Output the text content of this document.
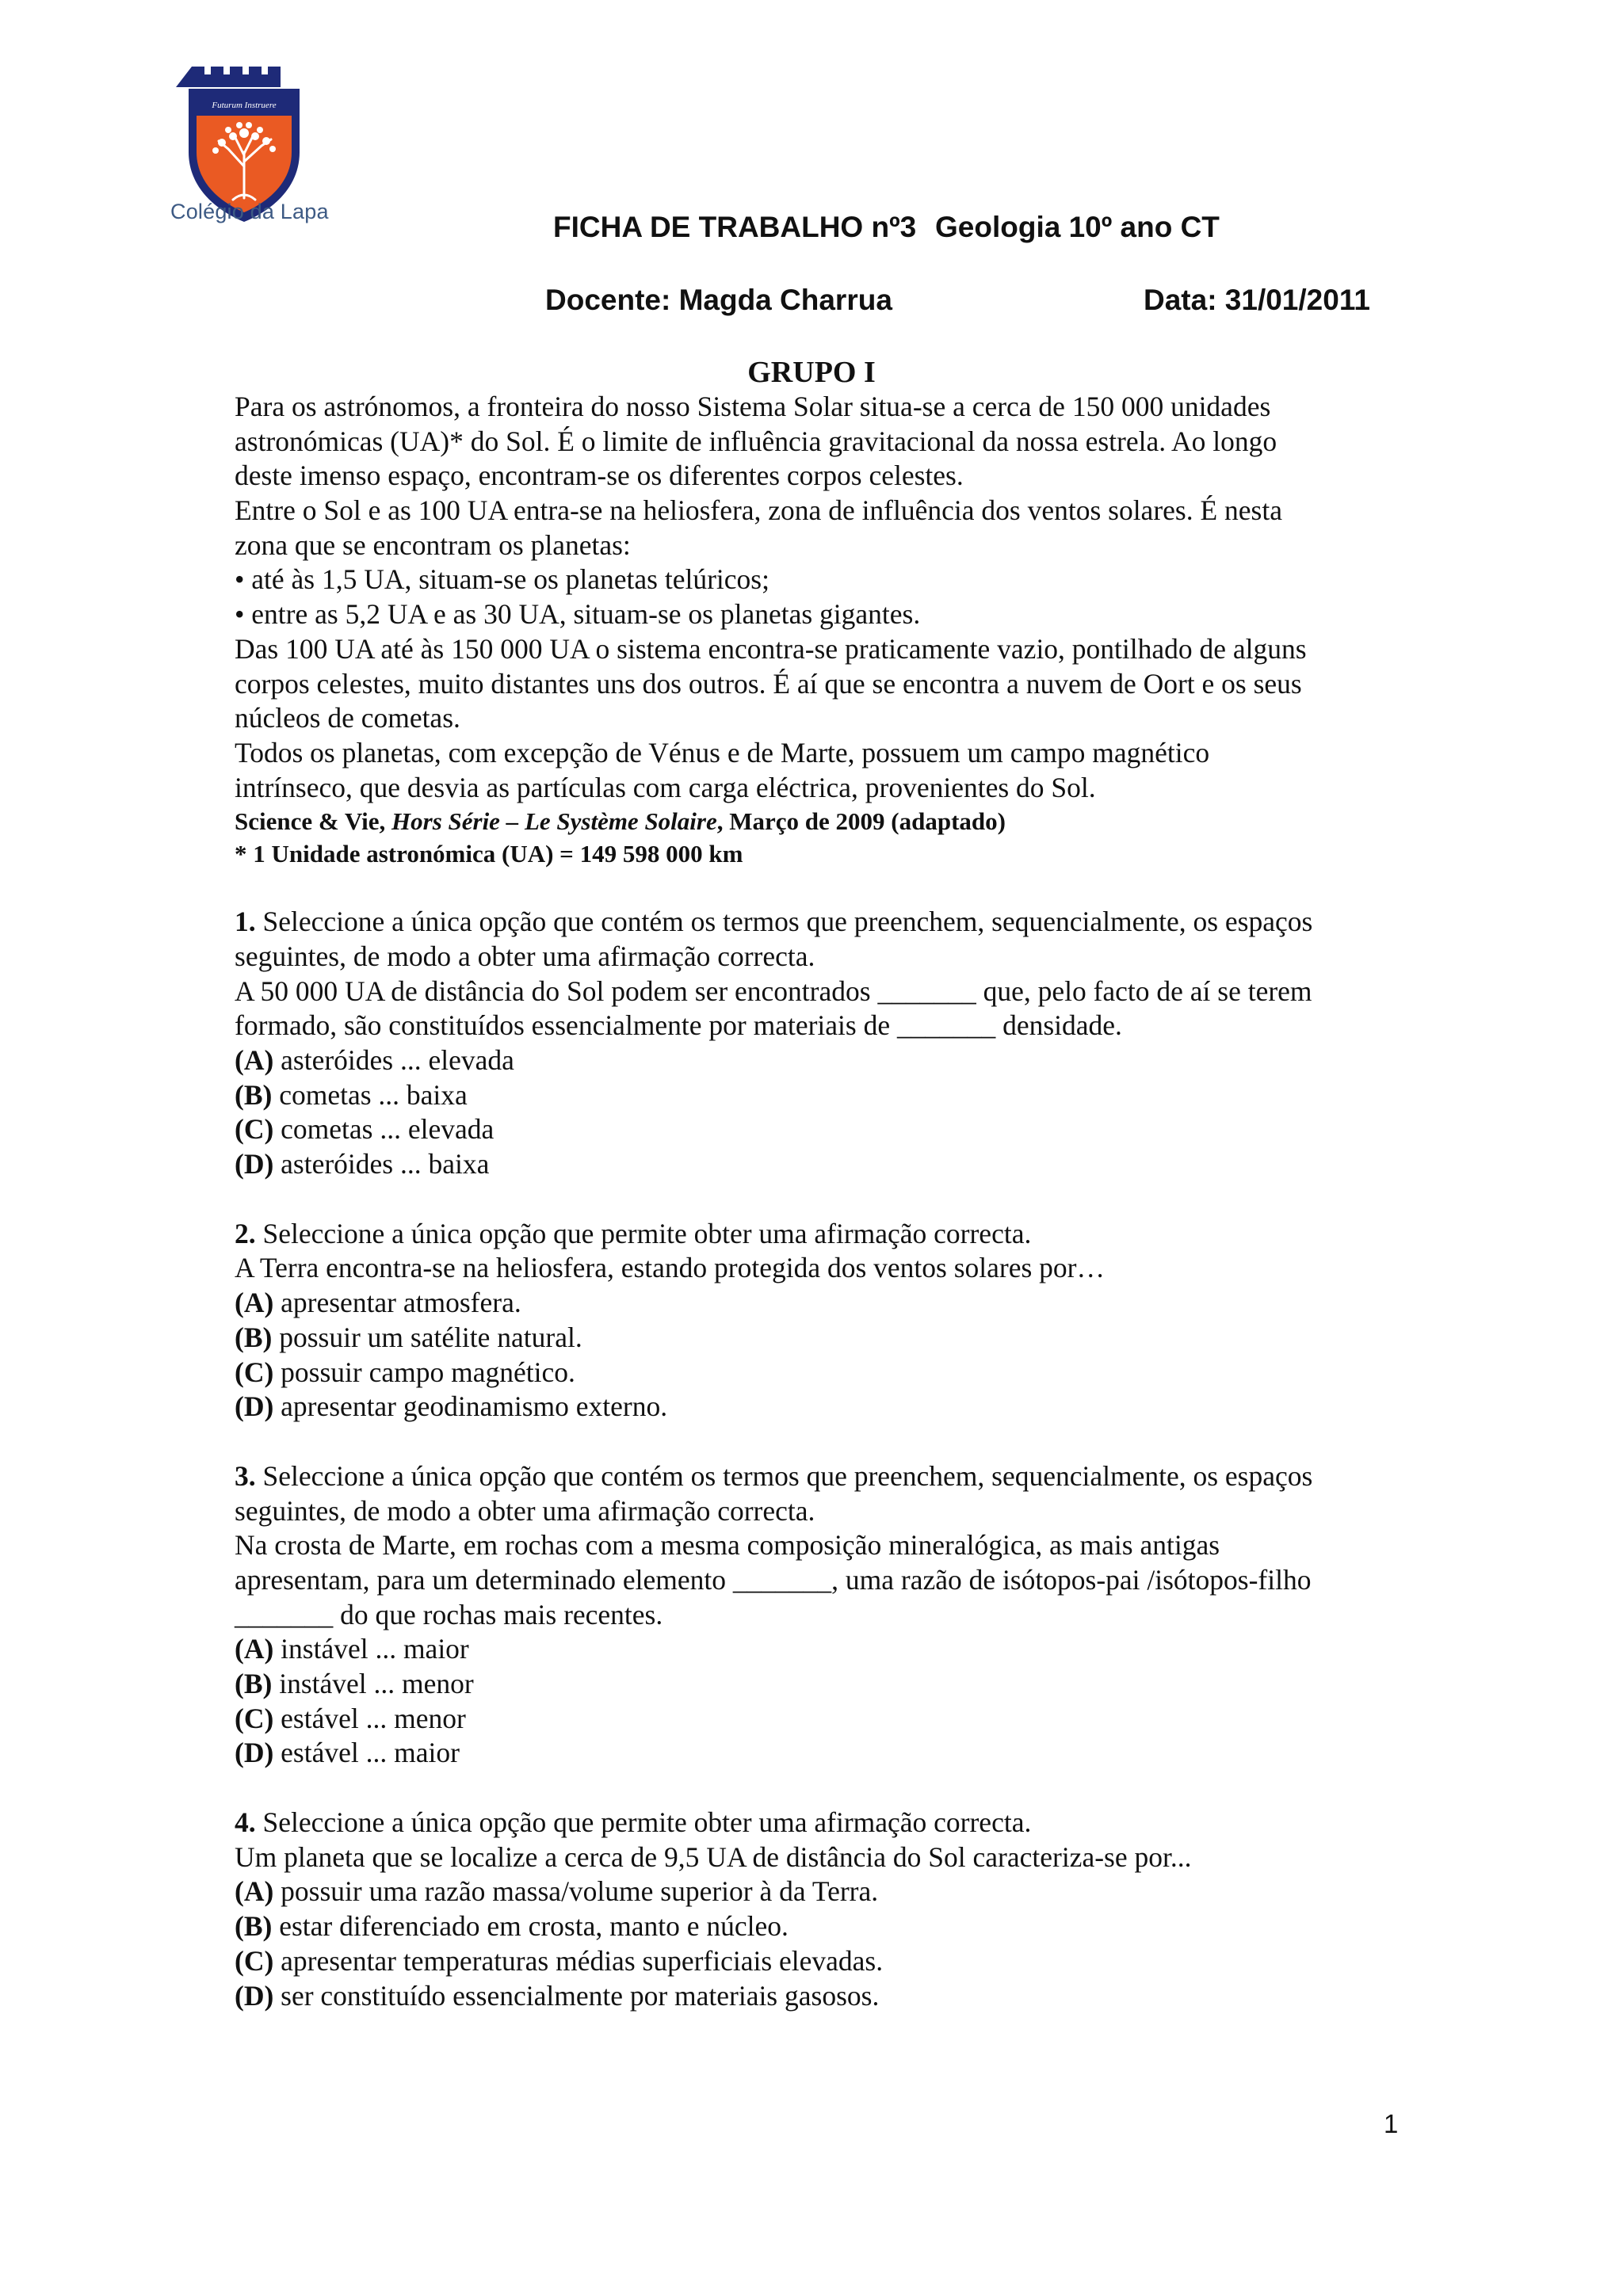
Futurum Instruere
Colégio da Lapa	FICHA DE TRABALHO nº3 Geologia 10º ano CT
Docente: Magda Charrua	Data: 31/01/2011
GRUPO I
Para os astrónomos, a fronteira do nosso Sistema Solar situa-se a cerca de 150 000 unidades
astronómicas (UA)* do Sol. É o limite de influência gravitacional da nossa estrela. Ao longo
deste imenso espaço, encontram-se os diferentes corpos celestes.
Entre o Sol e as 100 UA entra-se na heliosfera, zona de influência dos ventos solares. É nesta
zona que se encontram os planetas:
• até às 1,5 UA, situam-se os planetas telúricos;
• entre as 5,2 UA e as 30 UA, situam-se os planetas gigantes.
Das 100 UA até às 150 000 UA o sistema encontra-se praticamente vazio, pontilhado de alguns
corpos celestes, muito distantes uns dos outros. É aí que se encontra a nuvem de Oort e os seus
núcleos de cometas.
Todos os planetas, com excepção de Vénus e de Marte, possuem um campo magnético
intrínseco, que desvia as partículas com carga eléctrica, provenientes do Sol.
Science & Vie, Hors Série – Le Système Solaire, Março de 2009 (adaptado)
* 1 Unidade astronómica (UA) = 149 598 000 km
1. Seleccione a única opção que contém os termos que preenchem, sequencialmente, os espaços
seguintes, de modo a obter uma afirmação correcta.
A 50 000 UA de distância do Sol podem ser encontrados _______ que, pelo facto de aí se terem
formado, são constituídos essencialmente por materiais de _______ densidade.
(A) asteróides ... elevada
(B) cometas ... baixa
(C) cometas ... elevada
(D) asteróides ... baixa
2. Seleccione a única opção que permite obter uma afirmação correcta.
A Terra encontra-se na heliosfera, estando protegida dos ventos solares por…
(A) apresentar atmosfera.
(B) possuir um satélite natural.
(C) possuir campo magnético.
(D) apresentar geodinamismo externo.
3. Seleccione a única opção que contém os termos que preenchem, sequencialmente, os espaços
seguintes, de modo a obter uma afirmação correcta.
Na crosta de Marte, em rochas com a mesma composição mineralógica, as mais antigas
apresentam, para um determinado elemento _______, uma razão de isótopos-pai /isótopos-filho
_______ do que rochas mais recentes.
(A) instável ... maior
(B) instável ... menor
(C) estável ... menor
(D) estável ... maior
4. Seleccione a única opção que permite obter uma afirmação correcta.
Um planeta que se localize a cerca de 9,5 UA de distância do Sol caracteriza-se por...
(A) possuir uma razão massa/volume superior à da Terra.
(B) estar diferenciado em crosta, manto e núcleo.
(C) apresentar temperaturas médias superficiais elevadas.
(D) ser constituído essencialmente por materiais gasosos.
1
